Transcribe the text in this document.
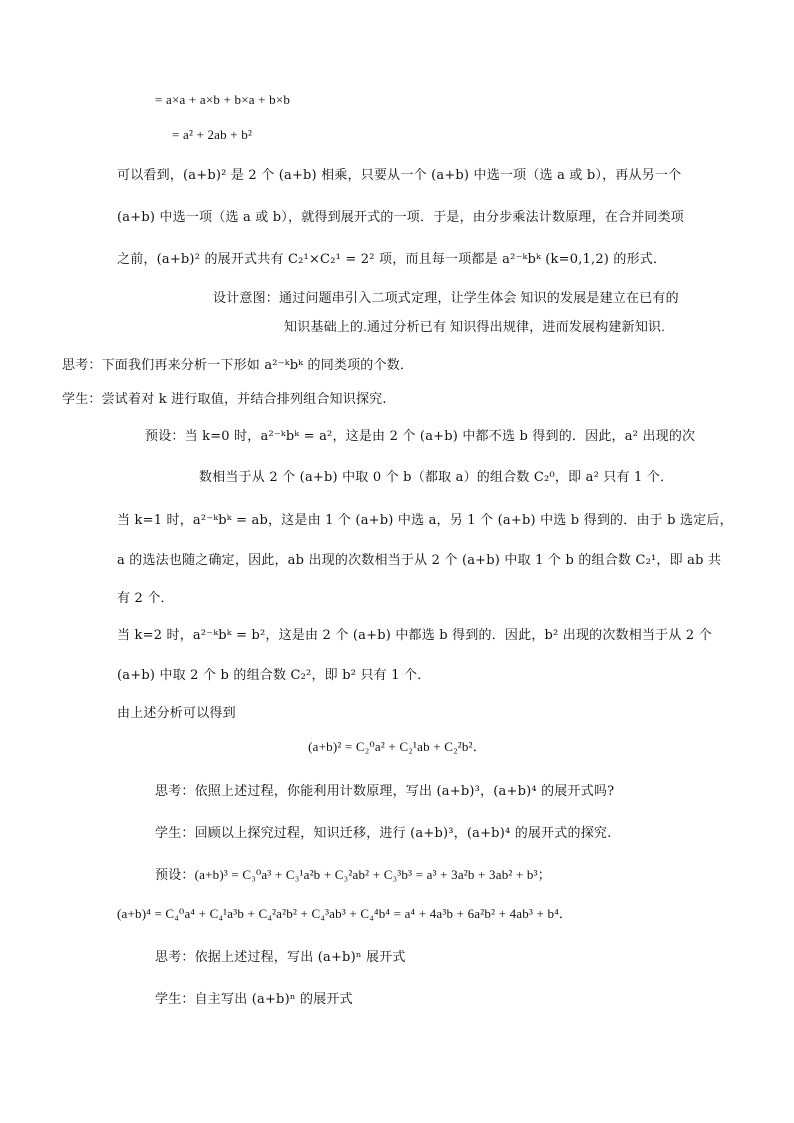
= a×a + a×b + b×a + b×b
= a² + 2ab + b²
可以看到，(a+b)² 是 2 个 (a+b) 相乘，只要从一个 (a+b) 中选一项（选 a 或 b），再从另一个
(a+b) 中选一项（选 a 或 b），就得到展开式的一项．于是，由分步乘法计数原理，在合并同类项
之前，(a+b)² 的展开式共有 C₂¹×C₂¹ = 2² 项，而且每一项都是 a²⁻ᵏbᵏ (k=0,1,2) 的形式．
设计意图：通过问题串引入二项式定理，让学生体会 知识的发展是建立在已有的
知识基础上的.通过分析已有 知识得出规律，进而发展构建新知识.
思考：下面我们再来分析一下形如 a²⁻ᵏbᵏ 的同类项的个数．
学生：尝试着对 k 进行取值，并结合排列组合知识探究.
预设：当 k=0 时，a²⁻ᵏbᵏ = a²，这是由 2 个 (a+b) 中都不选 b 得到的．因此，a² 出现的次
数相当于从 2 个 (a+b) 中取 0 个 b（都取 a）的组合数 C₂⁰，即 a² 只有 1 个．
当 k=1 时，a²⁻ᵏbᵏ = ab，这是由 1 个 (a+b) 中选 a，另 1 个 (a+b) 中选 b 得到的．由于 b 选定后，
a 的选法也随之确定，因此，ab 出现的次数相当于从 2 个 (a+b) 中取 1 个 b 的组合数 C₂¹，即 ab 共
有 2 个．
当 k=2 时，a²⁻ᵏbᵏ = b²，这是由 2 个 (a+b) 中都选 b 得到的．因此，b² 出现的次数相当于从 2 个
(a+b) 中取 2 个 b 的组合数 C₂²，即 b² 只有 1 个．
由上述分析可以得到
(a+b)² = C₂⁰a² + C₂¹ab + C₂²b²．
思考：依照上述过程，你能利用计数原理，写出 (a+b)³，(a+b)⁴ 的展开式吗?
学生：回顾以上探究过程，知识迁移，进行 (a+b)³，(a+b)⁴ 的展开式的探究.
预设：(a+b)³ = C₃⁰a³ + C₃¹a²b + C₃²ab² + C₃³b³ = a³ + 3a²b + 3ab² + b³；
(a+b)⁴ = C₄⁰a⁴ + C₄¹a³b + C₄²a²b² + C₄³ab³ + C₄⁴b⁴ = a⁴ + 4a³b + 6a²b² + 4ab³ + b⁴．
思考：依据上述过程，写出 (a+b)ⁿ 展开式
学生：自主写出 (a+b)ⁿ 的展开式
